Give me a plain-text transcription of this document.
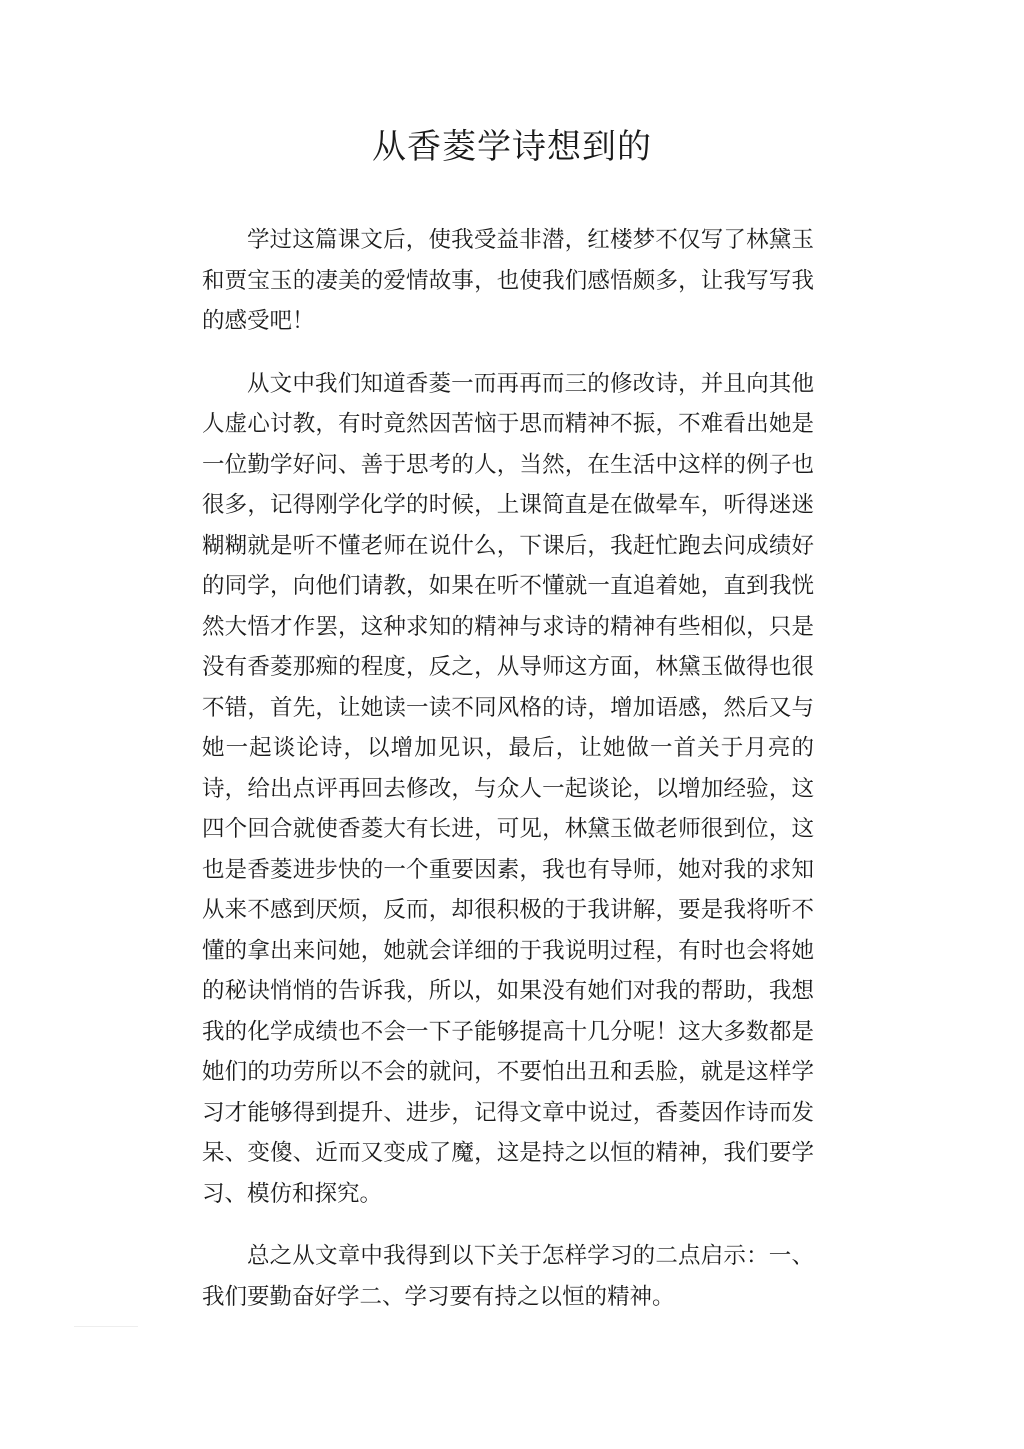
从香菱学诗想到的

学过这篇课文后，使我受益非潜，红楼梦不仅写了林黛玉和贾宝玉的凄美的爱情故事，也使我们感悟颇多，让我写写我的感受吧！

从文中我们知道香菱一而再再而三的修改诗，并且向其他人虚心讨教，有时竟然因苦恼于思而精神不振，不难看出她是一位勤学好问、善于思考的人，当然，在生活中这样的例子也很多，记得刚学化学的时候，上课简直是在做晕车，听得迷迷糊糊就是听不懂老师在说什么，下课后，我赶忙跑去问成绩好的同学，向他们请教，如果在听不懂就一直追着她，直到我恍然大悟才作罢，这种求知的精神与求诗的精神有些相似，只是没有香菱那痴的程度，反之，从导师这方面，林黛玉做得也很不错，首先，让她读一读不同风格的诗，增加语感，然后又与她一起谈论诗，以增加见识，最后，让她做一首关于月亮的诗，给出点评再回去修改，与众人一起谈论，以增加经验，这四个回合就使香菱大有长进，可见，林黛玉做老师很到位，这也是香菱进步快的一个重要因素，我也有导师，她对我的求知从来不感到厌烦，反而，却很积极的于我讲解，要是我将听不懂的拿出来问她，她就会详细的于我说明过程，有时也会将她的秘诀悄悄的告诉我，所以，如果没有她们对我的帮助，我想我的化学成绩也不会一下子能够提高十几分呢！这大多数都是她们的功劳所以不会的就问，不要怕出丑和丢脸，就是这样学习才能够得到提升、进步，记得文章中说过，香菱因作诗而发呆、变傻、近而又变成了魔，这是持之以恒的精神，我们要学习、模仿和探究。

总之从文章中我得到以下关于怎样学习的二点启示：一、我们要勤奋好学二、学习要有持之以恒的精神。
